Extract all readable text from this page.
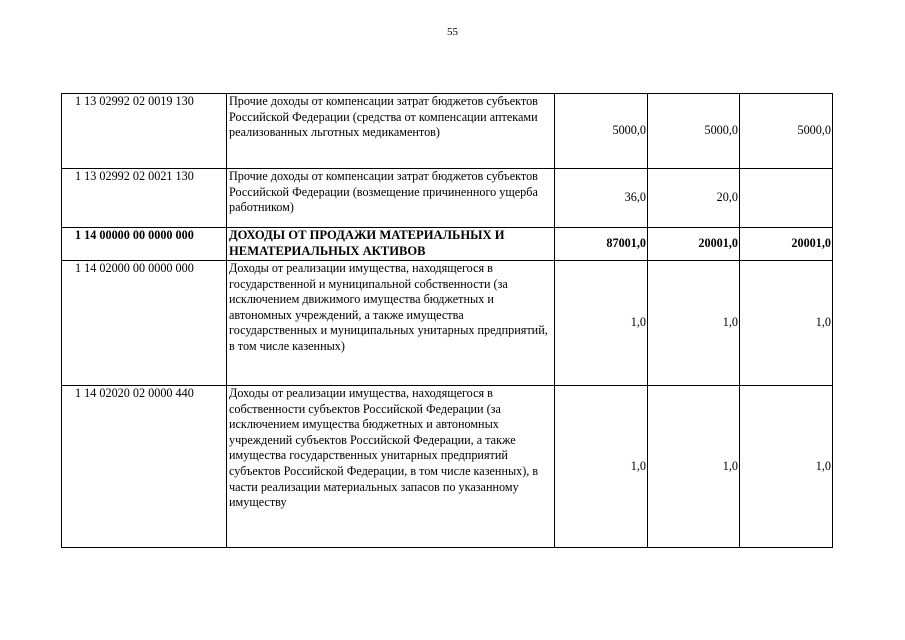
55
1 13 02992 02 0019 130	Прочие доходы от компенсации затрат бюджетов субъектов Российской Федерации (средства от компенсации аптеками реализованных льготных медикаментов)	5000,0	5000,0	5000,0
1 13 02992 02 0021 130	Прочие доходы от компенсации затрат бюджетов субъектов Российской Федерации (возмещение причиненного ущерба работником)	36,0	20,0	
1 14 00000 00 0000 000	ДОХОДЫ ОТ ПРОДАЖИ МАТЕРИАЛЬНЫХ И НЕМАТЕРИАЛЬНЫХ АКТИВОВ	87001,0	20001,0	20001,0
1 14 02000 00 0000 000	Доходы от реализации имущества, находящегося в государственной и муниципальной собственности (за исключением движимого имущества бюджетных и автономных учреждений, а также имущества государственных и муниципальных унитарных предприятий, в том числе казенных)	1,0	1,0	1,0
1 14 02020 02 0000 440	Доходы от реализации имущества, находящегося в собственности субъектов Российской Федерации (за исключением имущества бюджетных и автономных учреждений субъектов Российской Федерации, а также имущества государственных унитарных предприятий субъектов Российской Федерации, в том числе казенных), в части реализации материальных запасов по указанному имуществу	1,0	1,0	1,0
